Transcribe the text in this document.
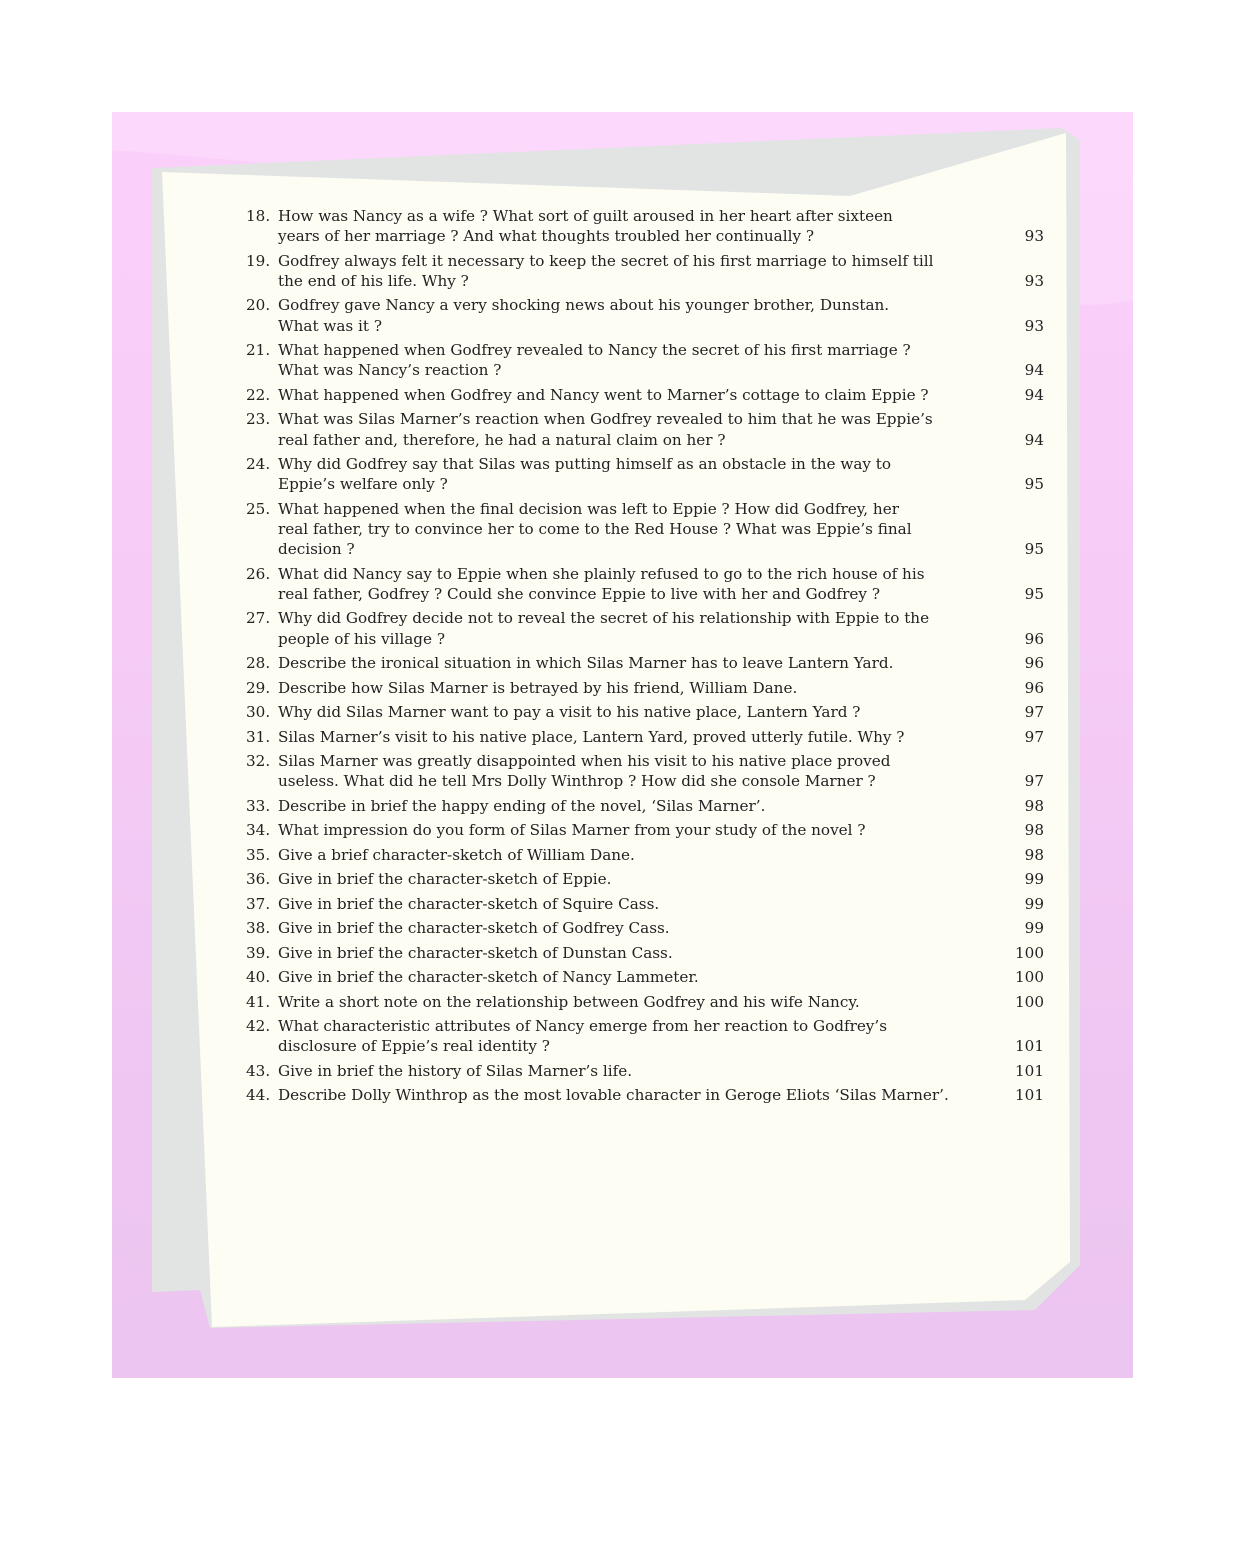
18. How was Nancy as a wife ? What sort of guilt aroused in her heart after sixteen
years of her marriage ? And what thoughts troubled her continually ?	93
19. Godfrey always felt it necessary to keep the secret of his first marriage to himself till
the end of his life. Why ?	93
20. Godfrey gave Nancy a very shocking news about his younger brother, Dunstan.
What was it ?	93
21. What happened when Godfrey revealed to Nancy the secret of his first marriage ?
What was Nancy’s reaction ?	94
22. What happened when Godfrey and Nancy went to Marner’s cottage to claim Eppie ?	94
23. What was Silas Marner’s reaction when Godfrey revealed to him that he was Eppie’s
real father and, therefore, he had a natural claim on her ?	94
24. Why did Godfrey say that Silas was putting himself as an obstacle in the way to
Eppie’s welfare only ?	95
25. What happened when the final decision was left to Eppie ? How did Godfrey, her
real father, try to convince her to come to the Red House ? What was Eppie’s final
decision ?	95
26. What did Nancy say to Eppie when she plainly refused to go to the rich house of his
real father, Godfrey ? Could she convince Eppie to live with her and Godfrey ?	95
27. Why did Godfrey decide not to reveal the secret of his relationship with Eppie to the
people of his village ?	96
28. Describe the ironical situation in which Silas Marner has to leave Lantern Yard.	96
29. Describe how Silas Marner is betrayed by his friend, William Dane.	96
30. Why did Silas Marner want to pay a visit to his native place, Lantern Yard ?	97
31. Silas Marner’s visit to his native place, Lantern Yard, proved utterly futile. Why ?	97
32. Silas Marner was greatly disappointed when his visit to his native place proved
useless. What did he tell Mrs Dolly Winthrop ? How did she console Marner ?	97
33. Describe in brief the happy ending of the novel, ‘Silas Marner’.	98
34. What impression do you form of Silas Marner from your study of the novel ?	98
35. Give a brief character-sketch of William Dane.	98
36. Give in brief the character-sketch of Eppie.	99
37. Give in brief the character-sketch of Squire Cass.	99
38. Give in brief the character-sketch of Godfrey Cass.	99
39. Give in brief the character-sketch of Dunstan Cass.	100
40. Give in brief the character-sketch of Nancy Lammeter.	100
41. Write a short note on the relationship between Godfrey and his wife Nancy.	100
42. What characteristic attributes of Nancy emerge from her reaction to Godfrey’s
disclosure of Eppie’s real identity ?	101
43. Give in brief the history of Silas Marner’s life.	101
44. Describe Dolly Winthrop as the most lovable character in Geroge Eliots ‘Silas Marner’.	101
